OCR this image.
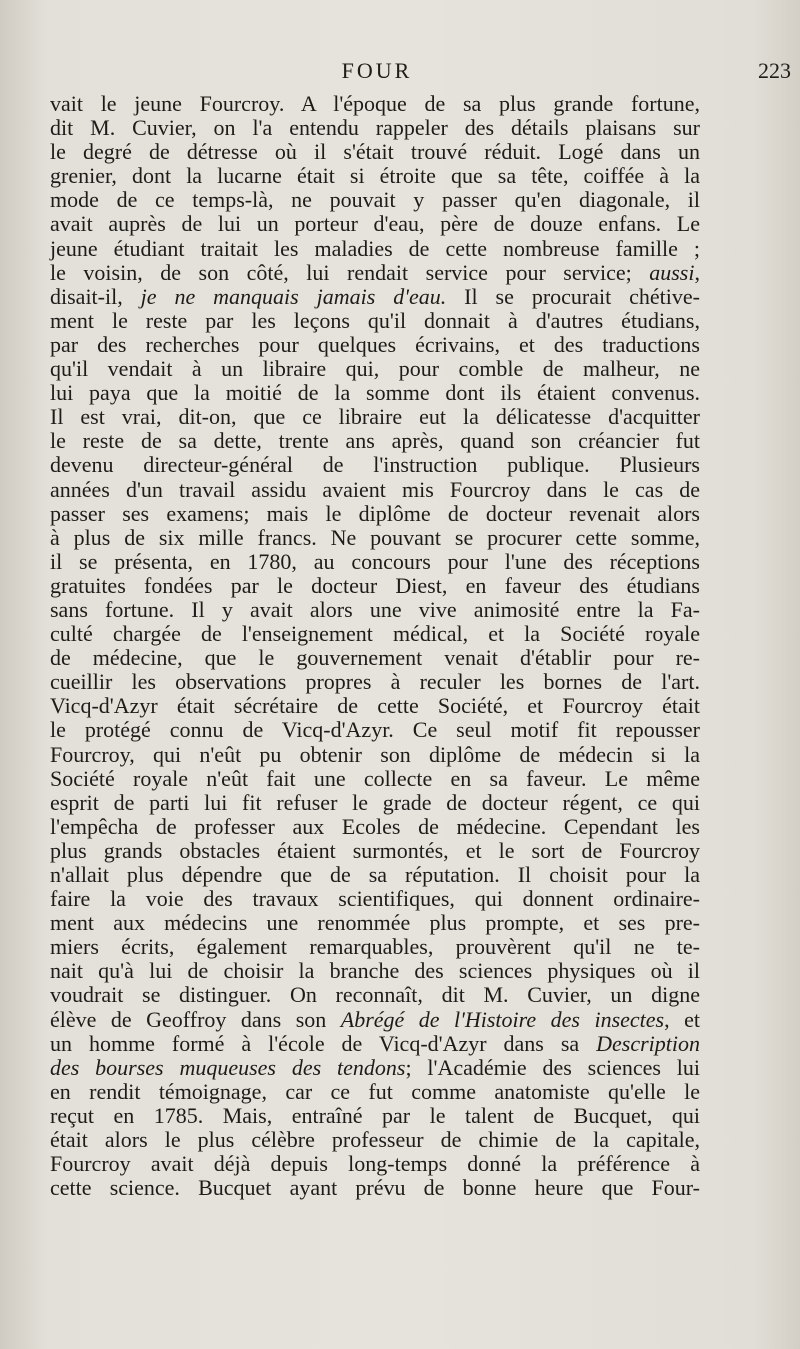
FOUR	223
vait le jeune Fourcroy. A l'époque de sa plus grande fortune,
dit M. Cuvier, on l'a entendu rappeler des détails plaisans sur
le degré de détresse où il s'était trouvé réduit. Logé dans un
grenier, dont la lucarne était si étroite que sa tête, coiffée à la
mode de ce temps-là, ne pouvait y passer qu'en diagonale, il
avait auprès de lui un porteur d'eau, père de douze enfans. Le
jeune étudiant traitait les maladies de cette nombreuse famille ;
le voisin, de son côté, lui rendait service pour service; aussi,
disait-il, je ne manquais jamais d'eau. Il se procurait chétive-
ment le reste par les leçons qu'il donnait à d'autres étudians,
par des recherches pour quelques écrivains, et des traductions
qu'il vendait à un libraire qui, pour comble de malheur, ne
lui paya que la moitié de la somme dont ils étaient convenus.
Il est vrai, dit-on, que ce libraire eut la délicatesse d'acquitter
le reste de sa dette, trente ans après, quand son créancier fut
devenu directeur-général de l'instruction publique. Plusieurs
années d'un travail assidu avaient mis Fourcroy dans le cas de
passer ses examens; mais le diplôme de docteur revenait alors
à plus de six mille francs. Ne pouvant se procurer cette somme,
il se présenta, en 1780, au concours pour l'une des réceptions
gratuites fondées par le docteur Diest, en faveur des étudians
sans fortune. Il y avait alors une vive animosité entre la Fa-
culté chargée de l'enseignement médical, et la Société royale
de médecine, que le gouvernement venait d'établir pour re-
cueillir les observations propres à reculer les bornes de l'art.
Vicq-d'Azyr était sécrétaire de cette Société, et Fourcroy était
le protégé connu de Vicq-d'Azyr. Ce seul motif fit repousser
Fourcroy, qui n'eût pu obtenir son diplôme de médecin si la
Société royale n'eût fait une collecte en sa faveur. Le même
esprit de parti lui fit refuser le grade de docteur régent, ce qui
l'empêcha de professer aux Ecoles de médecine. Cependant les
plus grands obstacles étaient surmontés, et le sort de Fourcroy
n'allait plus dépendre que de sa réputation. Il choisit pour la
faire la voie des travaux scientifiques, qui donnent ordinaire-
ment aux médecins une renommée plus prompte, et ses pre-
miers écrits, également remarquables, prouvèrent qu'il ne te-
nait qu'à lui de choisir la branche des sciences physiques où il
voudrait se distinguer. On reconnaît, dit M. Cuvier, un digne
élève de Geoffroy dans son Abrégé de l'Histoire des insectes, et
un homme formé à l'école de Vicq-d'Azyr dans sa Description
des bourses muqueuses des tendons; l'Académie des sciences lui
en rendit témoignage, car ce fut comme anatomiste qu'elle le
reçut en 1785. Mais, entraîné par le talent de Bucquet, qui
était alors le plus célèbre professeur de chimie de la capitale,
Fourcroy avait déjà depuis long-temps donné la préférence à
cette science. Bucquet ayant prévu de bonne heure que Four-
